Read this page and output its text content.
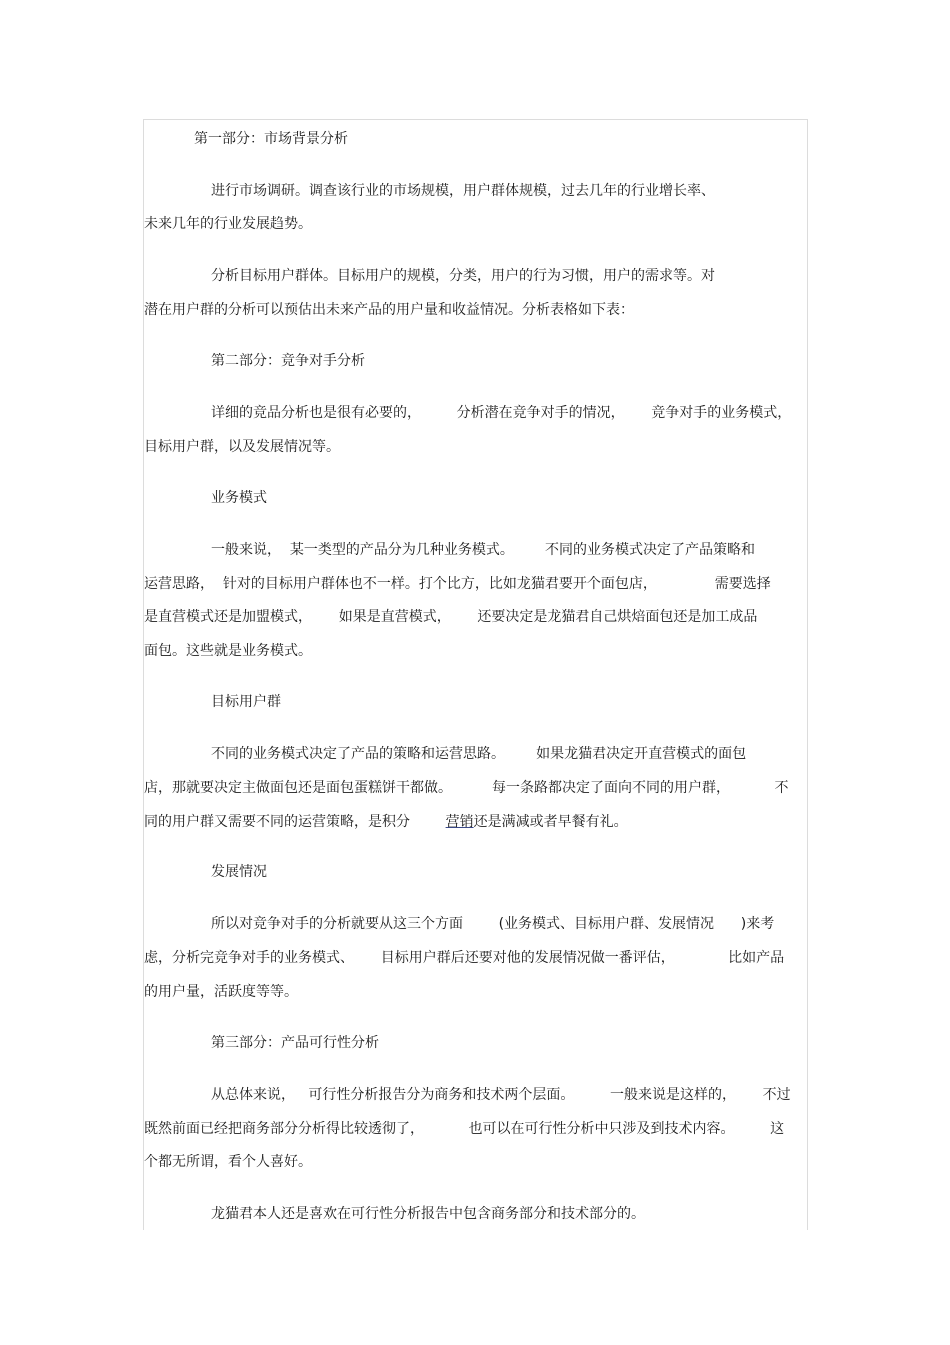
第一部分：市场背景分析
进行市场调研。调查该行业的市场规模，用户群体规模，过去几年的行业增长率、
未来几年的行业发展趋势。
分析目标用户群体。目标用户的规模，分类，用户的行为习惯，用户的需求等。对
潜在用户群的分析可以预估出未来产品的用户量和收益情况。分析表格如下表：
第二部分：竞争对手分析
详细的竞品分析也是很有必要的，        分析潜在竞争对手的情况，      竞争对手的业务模式，
目标用户群，以及发展情况等。
业务模式
一般来说，  某一类型的产品分为几种业务模式。       不同的业务模式决定了产品策略和
运营思路，  针对的目标用户群体也不一样。打个比方，比如龙猫君要开个面包店，             需要选择
是直营模式还是加盟模式，      如果是直营模式，      还要决定是龙猫君自己烘焙面包还是加工成品
面包。这些就是业务模式。
目标用户群
不同的业务模式决定了产品的策略和运营思路。       如果龙猫君决定开直营模式的面包
店，那就要决定主做面包还是面包蛋糕饼干都做。         每一条路都决定了面向不同的用户群，          不
同的用户群又需要不同的运营策略，是积分        营销还是满减或者早餐有礼。
发展情况
所以对竞争对手的分析就要从这三个方面        (业务模式、目标用户群、发展情况      )来考
虑，分析完竞争对手的业务模式、      目标用户群后还要对他的发展情况做一番评估，            比如产品
的用户量，活跃度等等。
第三部分：产品可行性分析
从总体来说，   可行性分析报告分为商务和技术两个层面。        一般来说是这样的，      不过
既然前面已经把商务部分分析得比较透彻了，          也可以在可行性分析中只涉及到技术内容。        这
个都无所谓，看个人喜好。
龙猫君本人还是喜欢在可行性分析报告中包含商务部分和技术部分的。
